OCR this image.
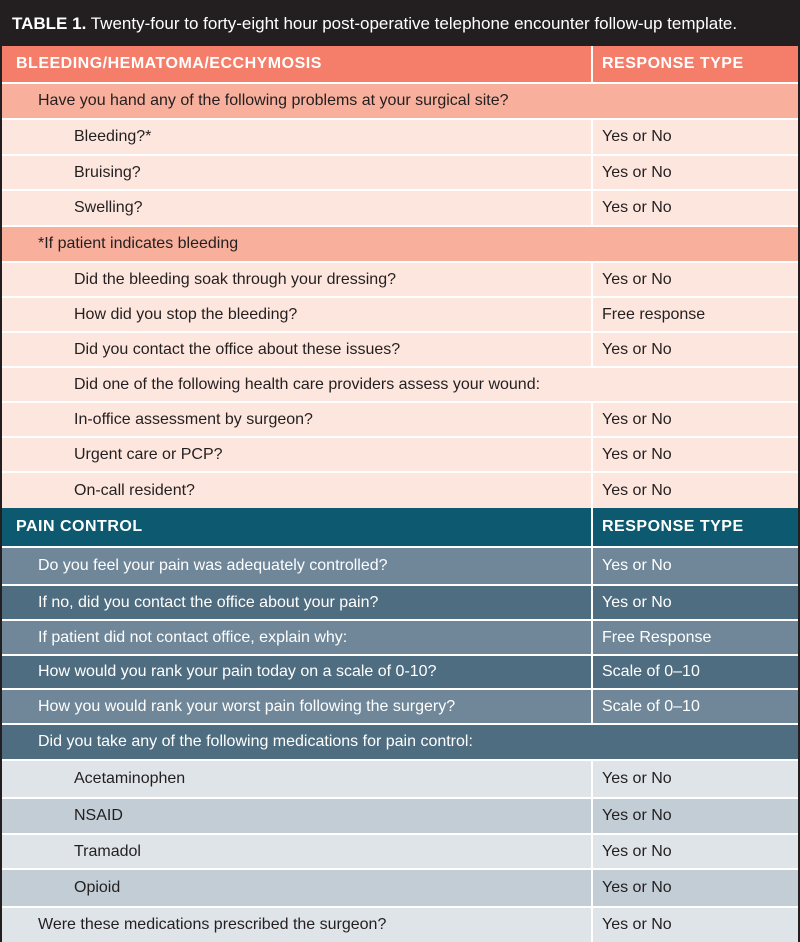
TABLE 1. Twenty-four to forty-eight hour post-operative telephone encounter follow-up template.
BLEEDING/HEMATOMA/ECCHYMOSIS	RESPONSE TYPE
Have you hand any of the following problems at your surgical site?
Bleeding?*	Yes or No
Bruising?	Yes or No
Swelling?	Yes or No
*If patient indicates bleeding
Did the bleeding soak through your dressing?	Yes or No
How did you stop the bleeding?	Free response
Did you contact the office about these issues?	Yes or No
Did one of the following health care providers assess your wound:
In-office assessment by surgeon?	Yes or No
Urgent care or PCP?	Yes or No
On-call resident?	Yes or No
PAIN CONTROL	RESPONSE TYPE
Do you feel your pain was adequately controlled?	Yes or No
If no, did you contact the office about your pain?	Yes or No
If patient did not contact office, explain why:	Free Response
How would you rank your pain today on a scale of 0-10?	Scale of 0–10
How you would rank your worst pain following the surgery?	Scale of 0–10
Did you take any of the following medications for pain control:
Acetaminophen	Yes or No
NSAID	Yes or No
Tramadol	Yes or No
Opioid	Yes or No
Were these medications prescribed the surgeon?	Yes or No
